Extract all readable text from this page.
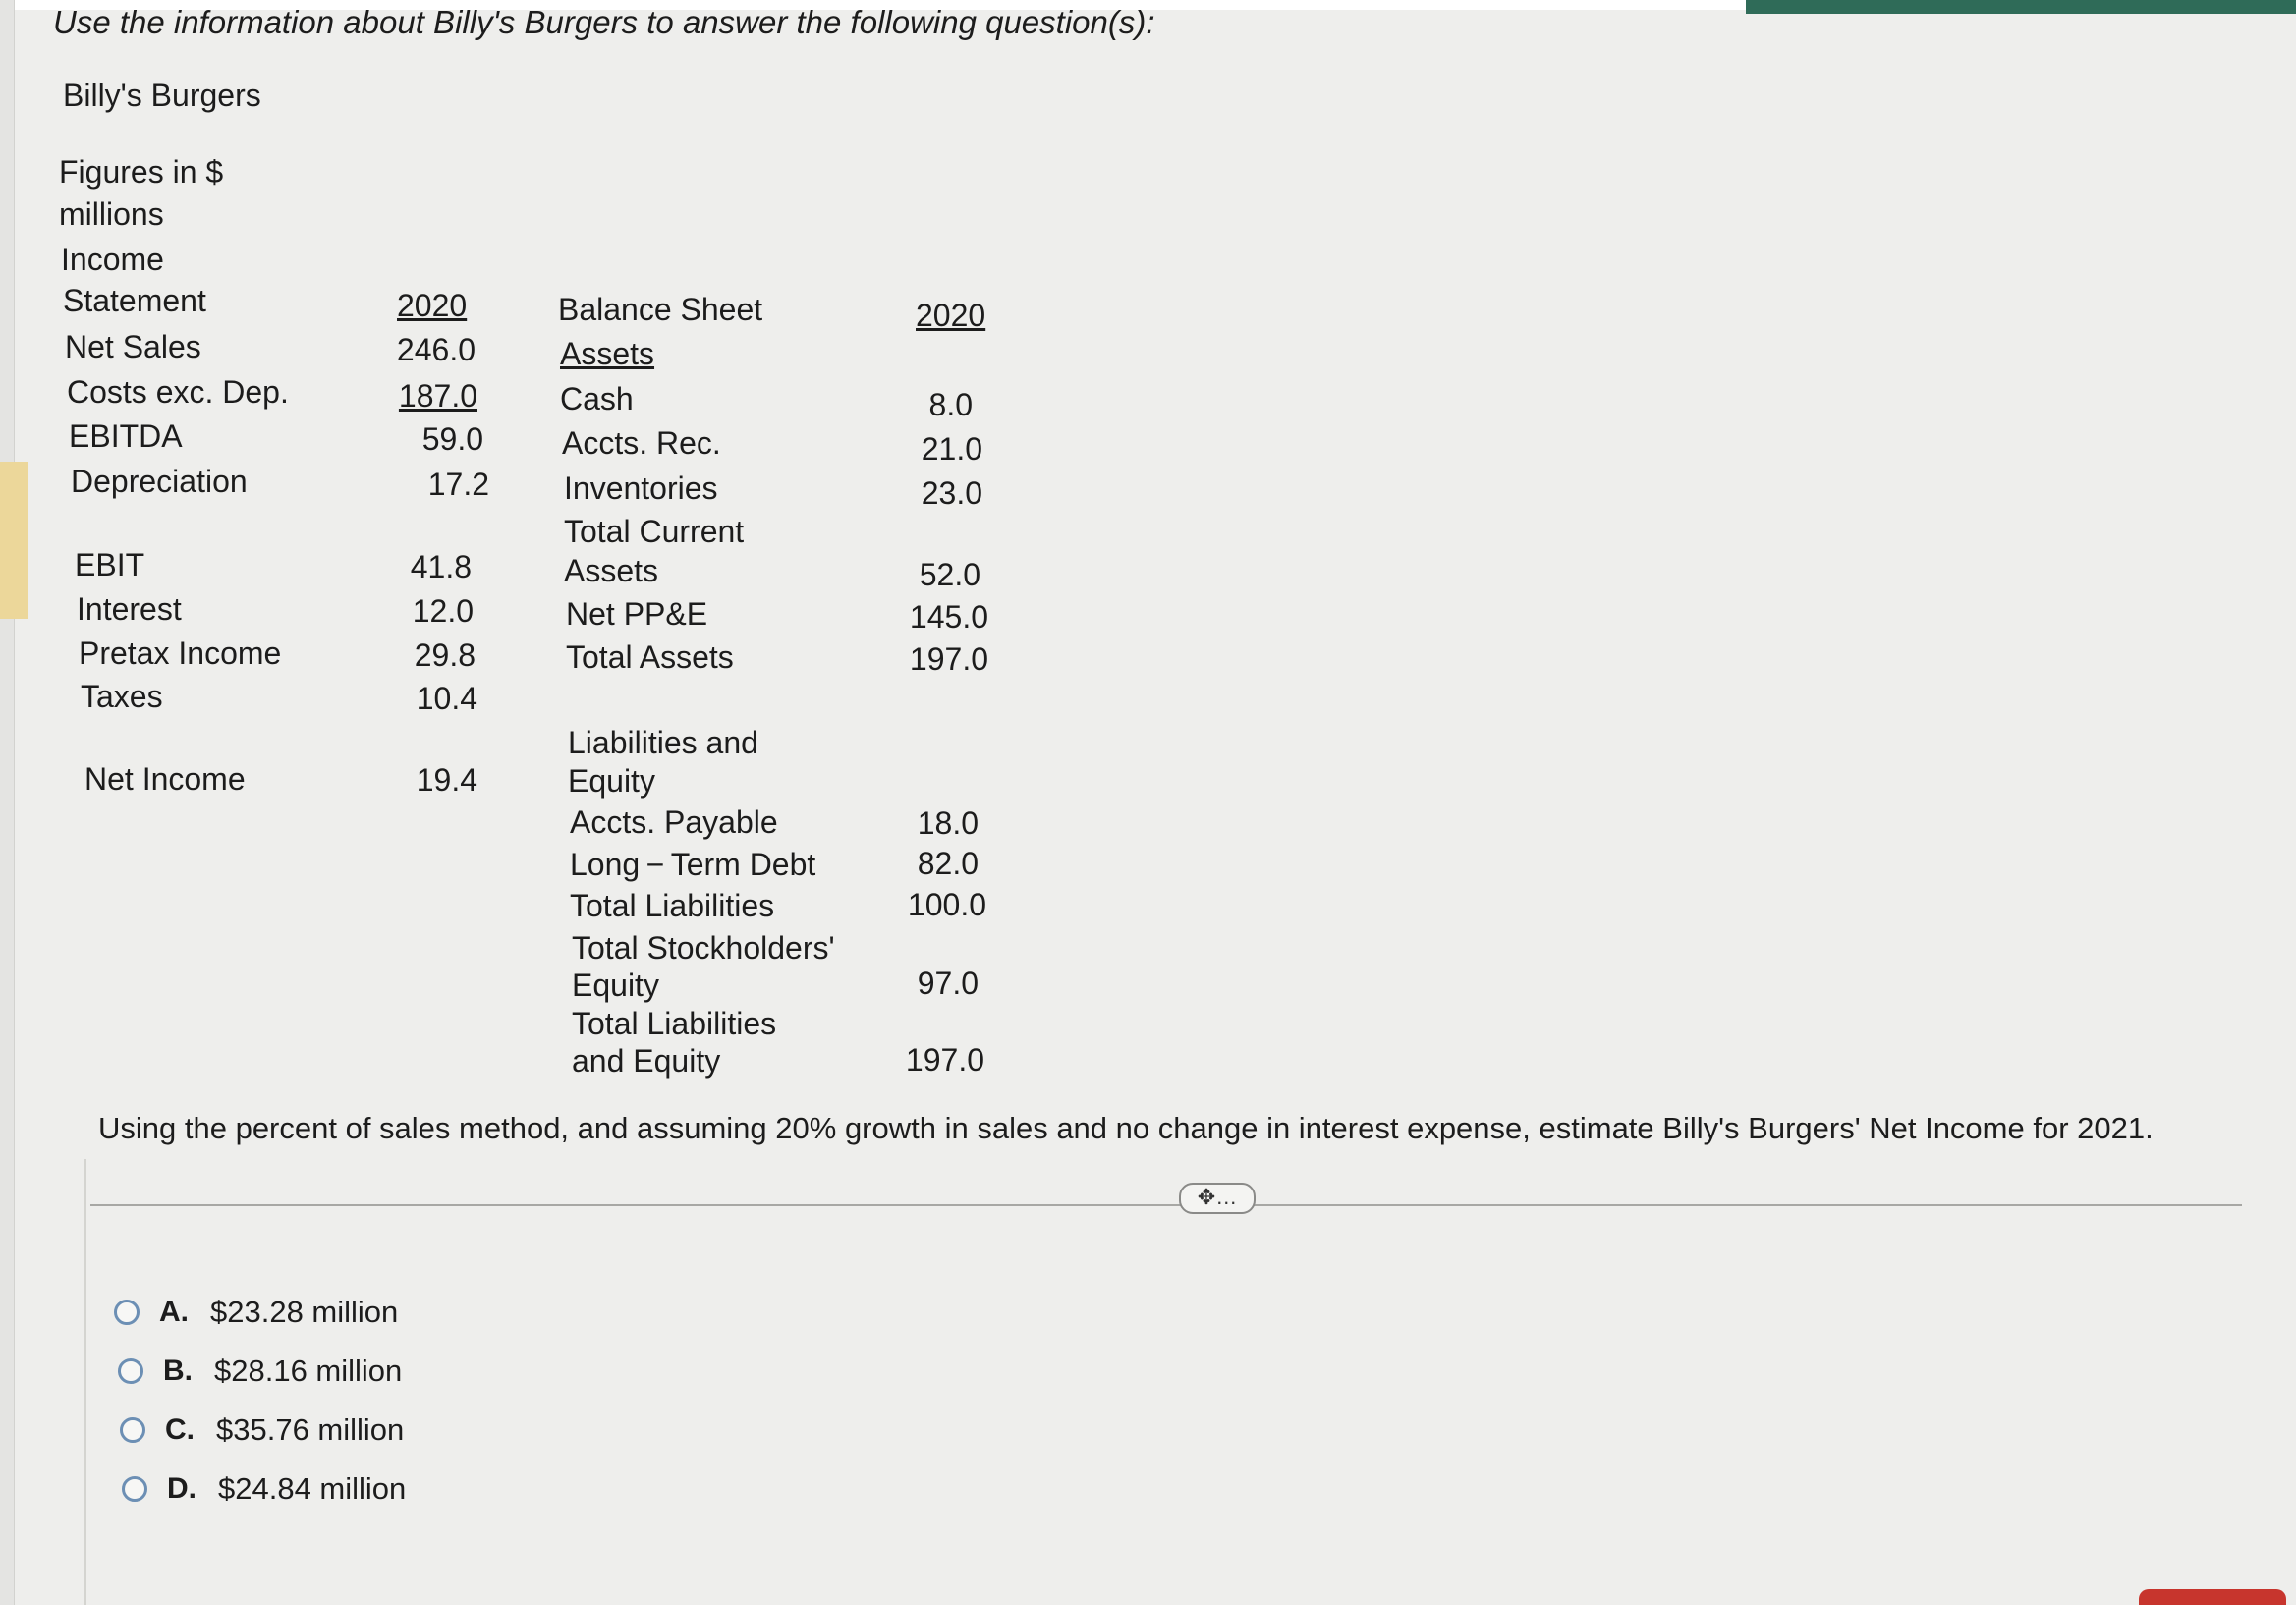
Use the information about Billy's Burgers to answer the following question(s):
Billy's Burgers
Figures in $
millions
Income
Statement	2020
Net Sales	246.0
Costs exc. Dep.	187.0
EBITDA	59.0
Depreciation	17.2
EBIT	41.8
Interest	12.0
Pretax Income	29.8
Taxes	10.4
Net Income	19.4
Balance Sheet	2020
Assets
Cash	8.0
Accts. Rec.	21.0
Inventories	23.0
Total Current
Assets	52.0
Net PP&E	145.0
Total Assets	197.0
Liabilities and
Equity
Accts. Payable	18.0
Long − Term Debt	82.0
Total Liabilities	100.0
Total Stockholders'
Equity	97.0
Total Liabilities
and Equity	197.0
Using the percent of sales method, and assuming 20% growth in sales and no change in interest expense, estimate Billy's Burgers' Net Income for 2021.
✥…
A. $23.28 million
B. $28.16 million
C. $35.76 million
D. $24.84 million
